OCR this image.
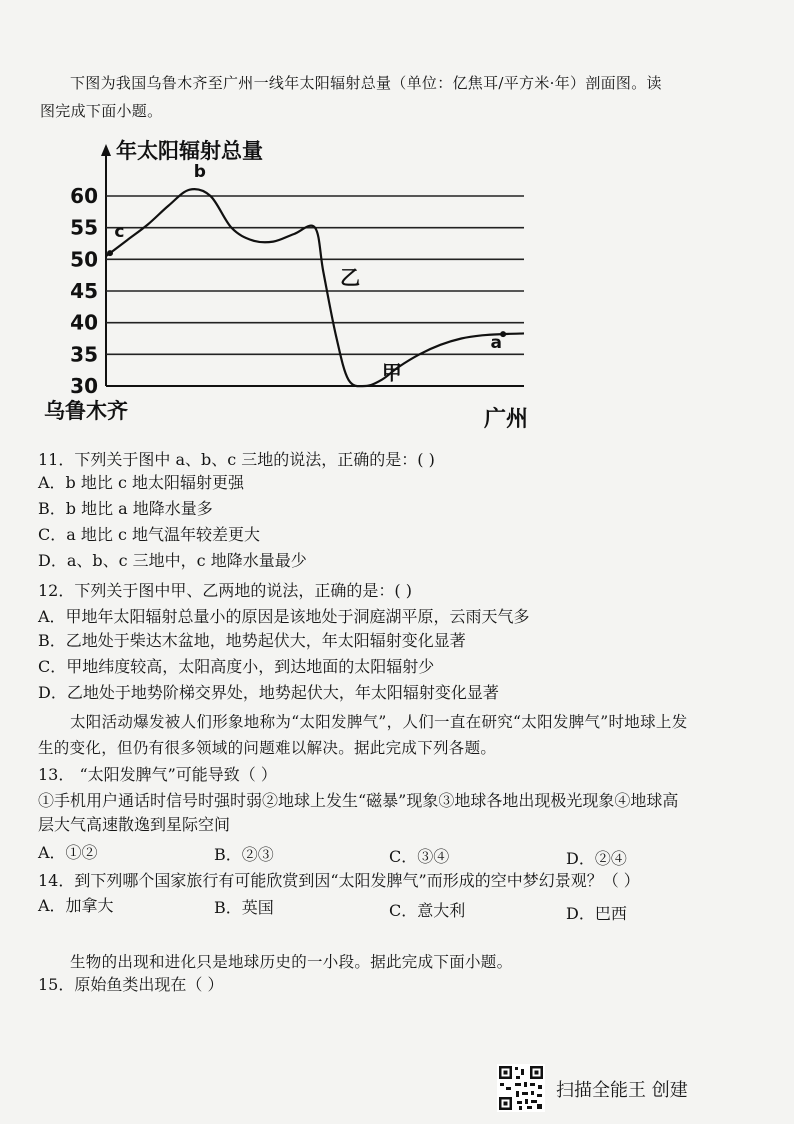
下图为我国乌鲁木齐至广州一线年太阳辐射总量（单位：亿焦耳/平方米·年）剖面图。读
图完成下面小题。
60
55
50
45
40
35
30
年太阳辐射总量
乌鲁木齐	广州
c
b
乙
甲
a
11．下列关于图中 a、b、c 三地的说法，正确的是：( )
A．b 地比 c 地太阳辐射更强
B．b 地比 a 地降水量多
C．a 地比 c 地气温年较差更大
D．a、b、c 三地中，c 地降水量最少
12．下列关于图中甲、乙两地的说法，正确的是：( )
A．甲地年太阳辐射总量小的原因是该地处于洞庭湖平原，云雨天气多
B．乙地处于柴达木盆地，地势起伏大，年太阳辐射变化显著
C．甲地纬度较高，太阳高度小，到达地面的太阳辐射少
D．乙地处于地势阶梯交界处，地势起伏大，年太阳辐射变化显著
太阳活动爆发被人们形象地称为“太阳发脾气”，人们一直在研究“太阳发脾气”时地球上发
生的变化，但仍有很多领域的问题难以解决。据此完成下列各题。
13． “太阳发脾气”可能导致（ ）
①手机用户通话时信号时强时弱②地球上发生“磁暴”现象③地球各地出现极光现象④地球高
层大气高速散逸到星际空间
A．①②	B．②③	C．③④	D．②④
14．到下列哪个国家旅行有可能欣赏到因“太阳发脾气”而形成的空中梦幻景观？（ ）
A．加拿大	B．英国	C．意大利	D．巴西
生物的出现和进化只是地球历史的一小段。据此完成下面小题。
15．原始鱼类出现在（ ）
扫描全能王 创建
